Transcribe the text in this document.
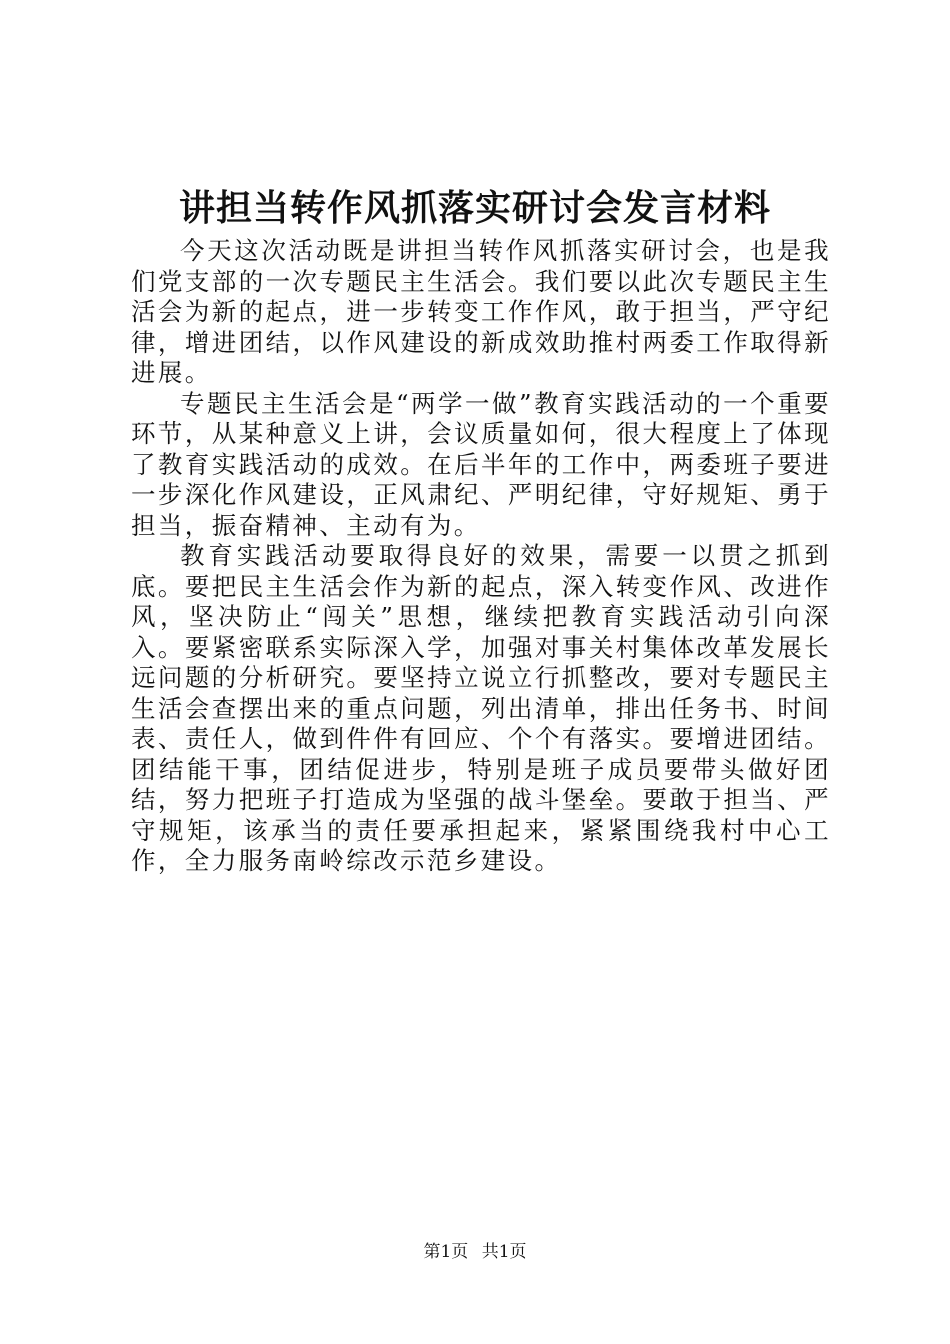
讲担当转作风抓落实研讨会发言材料

今天这次活动既是讲担当转作风抓落实研讨会，也是我们党支部的一次专题民主生活会。我们要以此次专题民主生活会为新的起点，进一步转变工作作风，敢于担当，严守纪律，增进团结，以作风建设的新成效助推村两委工作取得新进展。

专题民主生活会是“两学一做”教育实践活动的一个重要环节，从某种意义上讲，会议质量如何，很大程度上了体现了教育实践活动的成效。在后半年的工作中，两委班子要进一步深化作风建设，正风肃纪、严明纪律，守好规矩、勇于担当，振奋精神、主动有为。

教育实践活动要取得良好的效果，需要一以贯之抓到底。要把民主生活会作为新的起点，深入转变作风、改进作风，坚决防止“闯关”思想，继续把教育实践活动引向深入。要紧密联系实际深入学，加强对事关村集体改革发展长远问题的分析研究。要坚持立说立行抓整改，要对专题民主生活会查摆出来的重点问题，列出清单，排出任务书、时间表、责任人，做到件件有回应、个个有落实。要增进团结。团结能干事，团结促进步，特别是班子成员要带头做好团结，努力把班子打造成为坚强的战斗堡垒。要敢于担当、严守规矩，该承当的责任要承担起来，紧紧围绕我村中心工作，全力服务南岭综改示范乡建设。

第1页 共1页
